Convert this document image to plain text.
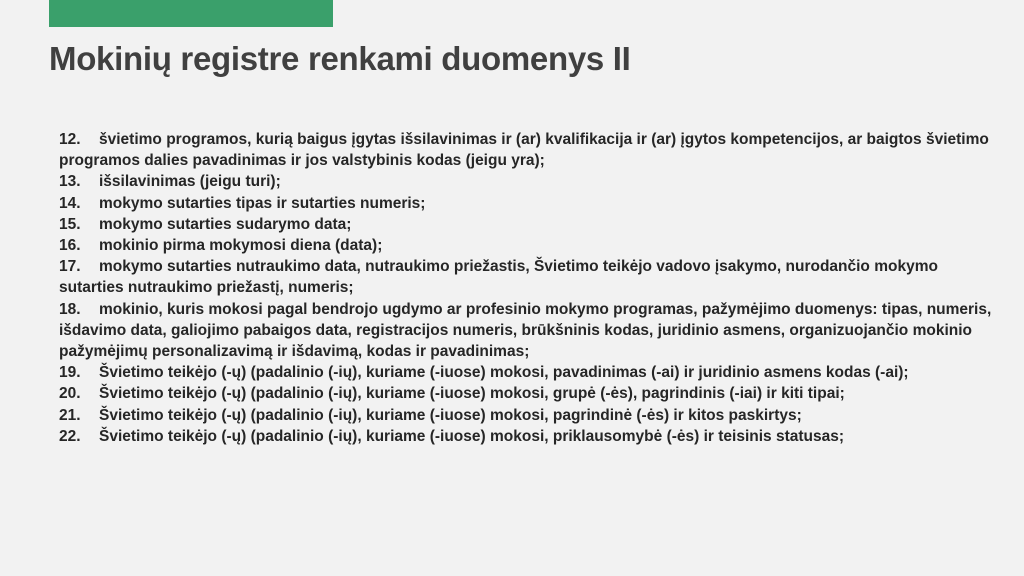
Mokinių registre renkami duomenys II
12. švietimo programos, kurią baigus įgytas išsilavinimas ir (ar) kvalifikacija ir (ar) įgytos kompetencijos, ar baigtos švietimo programos dalies pavadinimas ir jos valstybinis kodas (jeigu yra);
13. išsilavinimas (jeigu turi);
14. mokymo sutarties tipas ir sutarties numeris;
15. mokymo sutarties sudarymo data;
16. mokinio pirma mokymosi diena (data);
17. mokymo sutarties nutraukimo data, nutraukimo priežastis, Švietimo teikėjo vadovo įsakymo, nurodančio mokymo sutarties nutraukimo priežastį, numeris;
18. mokinio, kuris mokosi pagal bendrojo ugdymo ar profesinio mokymo programas, pažymėjimo duomenys: tipas, numeris, išdavimo data, galiojimo pabaigos data, registracijos numeris, brūkšninis kodas, juridinio asmens, organizuojančio mokinio pažymėjimų personalizavimą ir išdavimą, kodas ir pavadinimas;
19. Švietimo teikėjo (-ų) (padalinio (-ių), kuriame (-iuose) mokosi, pavadinimas (-ai) ir juridinio asmens kodas (-ai);
20. Švietimo teikėjo (-ų) (padalinio (-ių), kuriame (-iuose) mokosi, grupė (-ės), pagrindinis (-iai) ir kiti tipai;
21. Švietimo teikėjo (-ų) (padalinio (-ių), kuriame (-iuose) mokosi, pagrindinė (-ės) ir kitos paskirtys;
22. Švietimo teikėjo (-ų) (padalinio (-ių), kuriame (-iuose) mokosi, priklausomybė (-ės) ir teisinis statusas;
